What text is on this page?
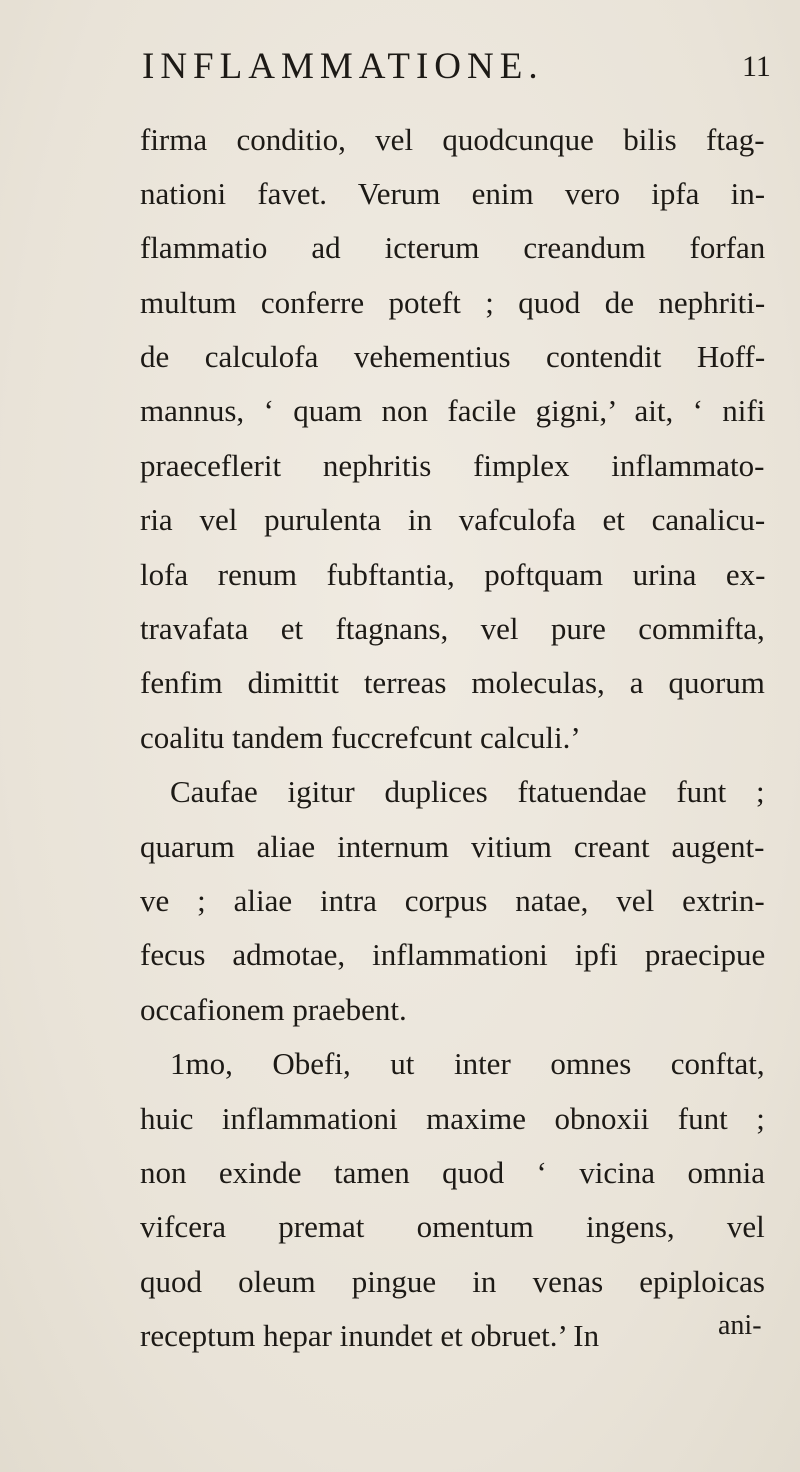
INFLAMMATIONE.	11
firma conditio, vel quodcunque bilis ftag-
nationi favet. Verum enim vero ipfa in-
flammatio ad icterum creandum forfan
multum conferre poteft ; quod de nephriti-
de calculofa vehementius contendit Hoff-
mannus, ‘ quam non facile gigni,’ ait, ‘ nifi
praeceflerit nephritis fimplex inflammato-
ria vel purulenta in vafculofa et canalicu-
lofa renum fubftantia, poftquam urina ex-
travafata et ftagnans, vel pure commifta,
fenfim dimittit terreas moleculas, a quorum
coalitu tandem fuccrefcunt calculi.’
Caufae igitur duplices ftatuendae funt ;
quarum aliae internum vitium creant augent-
ve ; aliae intra corpus natae, vel extrin-
fecus admotae, inflammationi ipfi praecipue
occafionem praebent.
1mo, Obefi, ut inter omnes conftat,
huic inflammationi maxime obnoxii funt ;
non exinde tamen quod ‘ vicina omnia
vifcera premat omentum ingens, vel
quod oleum pingue in venas epiploicas
receptum hepar inundet et obruet.’ In	ani-
